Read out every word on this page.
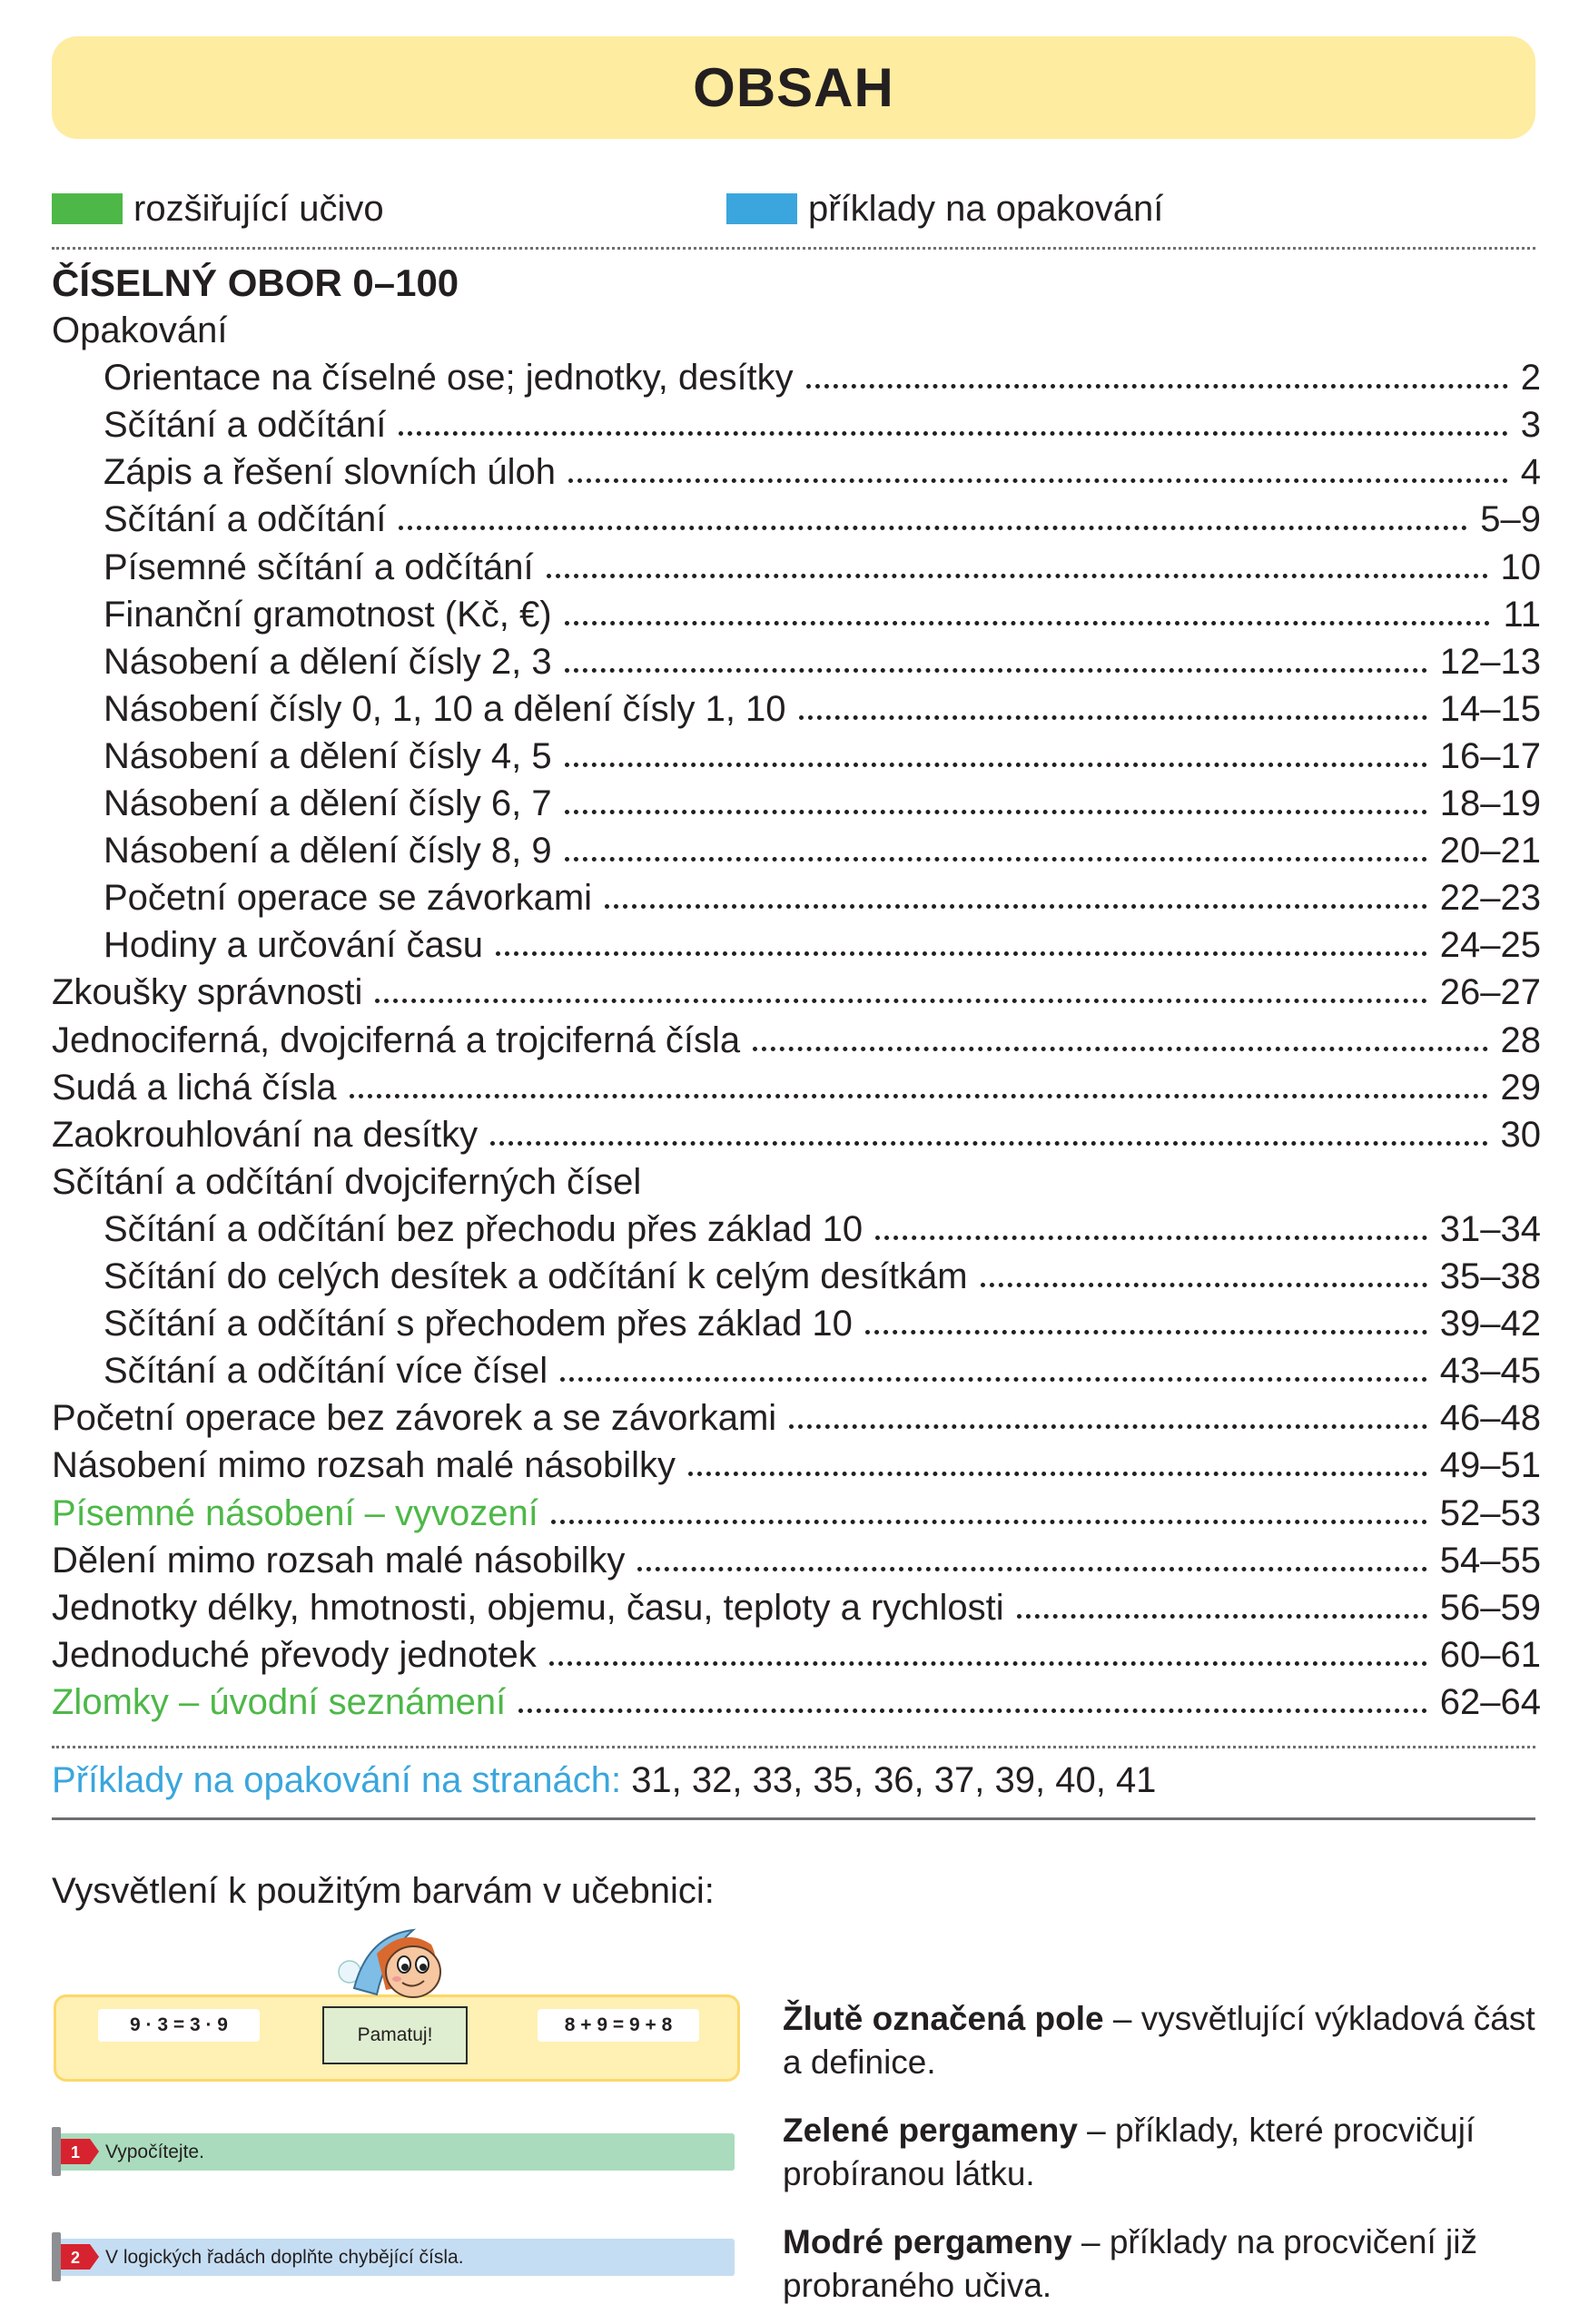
OBSAH
rozšiřující učivo	příklady na opakování
ČÍSELNÝ OBOR 0–100
Opakování
Orientace na číselné ose; jednotky, desítky	2
Sčítání a odčítání	3
Zápis a řešení slovních úloh	4
Sčítání a odčítání	5–9
Písemné sčítání a odčítání	10
Finanční gramotnost (Kč, €)	11
Násobení a dělení čísly 2, 3	12–13
Násobení čísly 0, 1, 10 a dělení čísly 1, 10	14–15
Násobení a dělení čísly 4, 5	16–17
Násobení a dělení čísly 6, 7	18–19
Násobení a dělení čísly 8, 9	20–21
Početní operace se závorkami	22–23
Hodiny a určování času	24–25
Zkoušky správnosti	26–27
Jednociferná, dvojciferná a trojciferná čísla	28
Sudá a lichá čísla	29
Zaokrouhlování na desítky	30
Sčítání a odčítání dvojciferných čísel
Sčítání a odčítání bez přechodu přes základ 10	31–34
Sčítání do celých desítek a odčítání k celým desítkám	35–38
Sčítání a odčítání s přechodem přes základ 10	39–42
Sčítání a odčítání více čísel	43–45
Početní operace bez závorek a se závorkami	46–48
Násobení mimo rozsah malé násobilky	49–51
Písemné násobení – vyvození	52–53
Dělení mimo rozsah malé násobilky	54–55
Jednotky délky, hmotnosti, objemu, času, teploty a rychlosti	56–59
Jednoduché převody jednotek	60–61
Zlomky – úvodní seznámení	62–64
Příklady na opakování na stranách: 31, 32, 33, 35, 36, 37, 39, 40, 41
Vysvětlení k použitým barvám v učebnici:
9 · 3 = 3 · 9	8 + 9 = 9 + 8
Pamatuj!
Vypočítejte.
1
V logických řadách doplňte chybějící čísla.
2
Žlutě označená pole – vysvětlující výkladová část a definice.
Zelené pergameny – příklady, které procvičují probíranou látku.
Modré pergameny – příklady na procvičení již probraného učiva.
